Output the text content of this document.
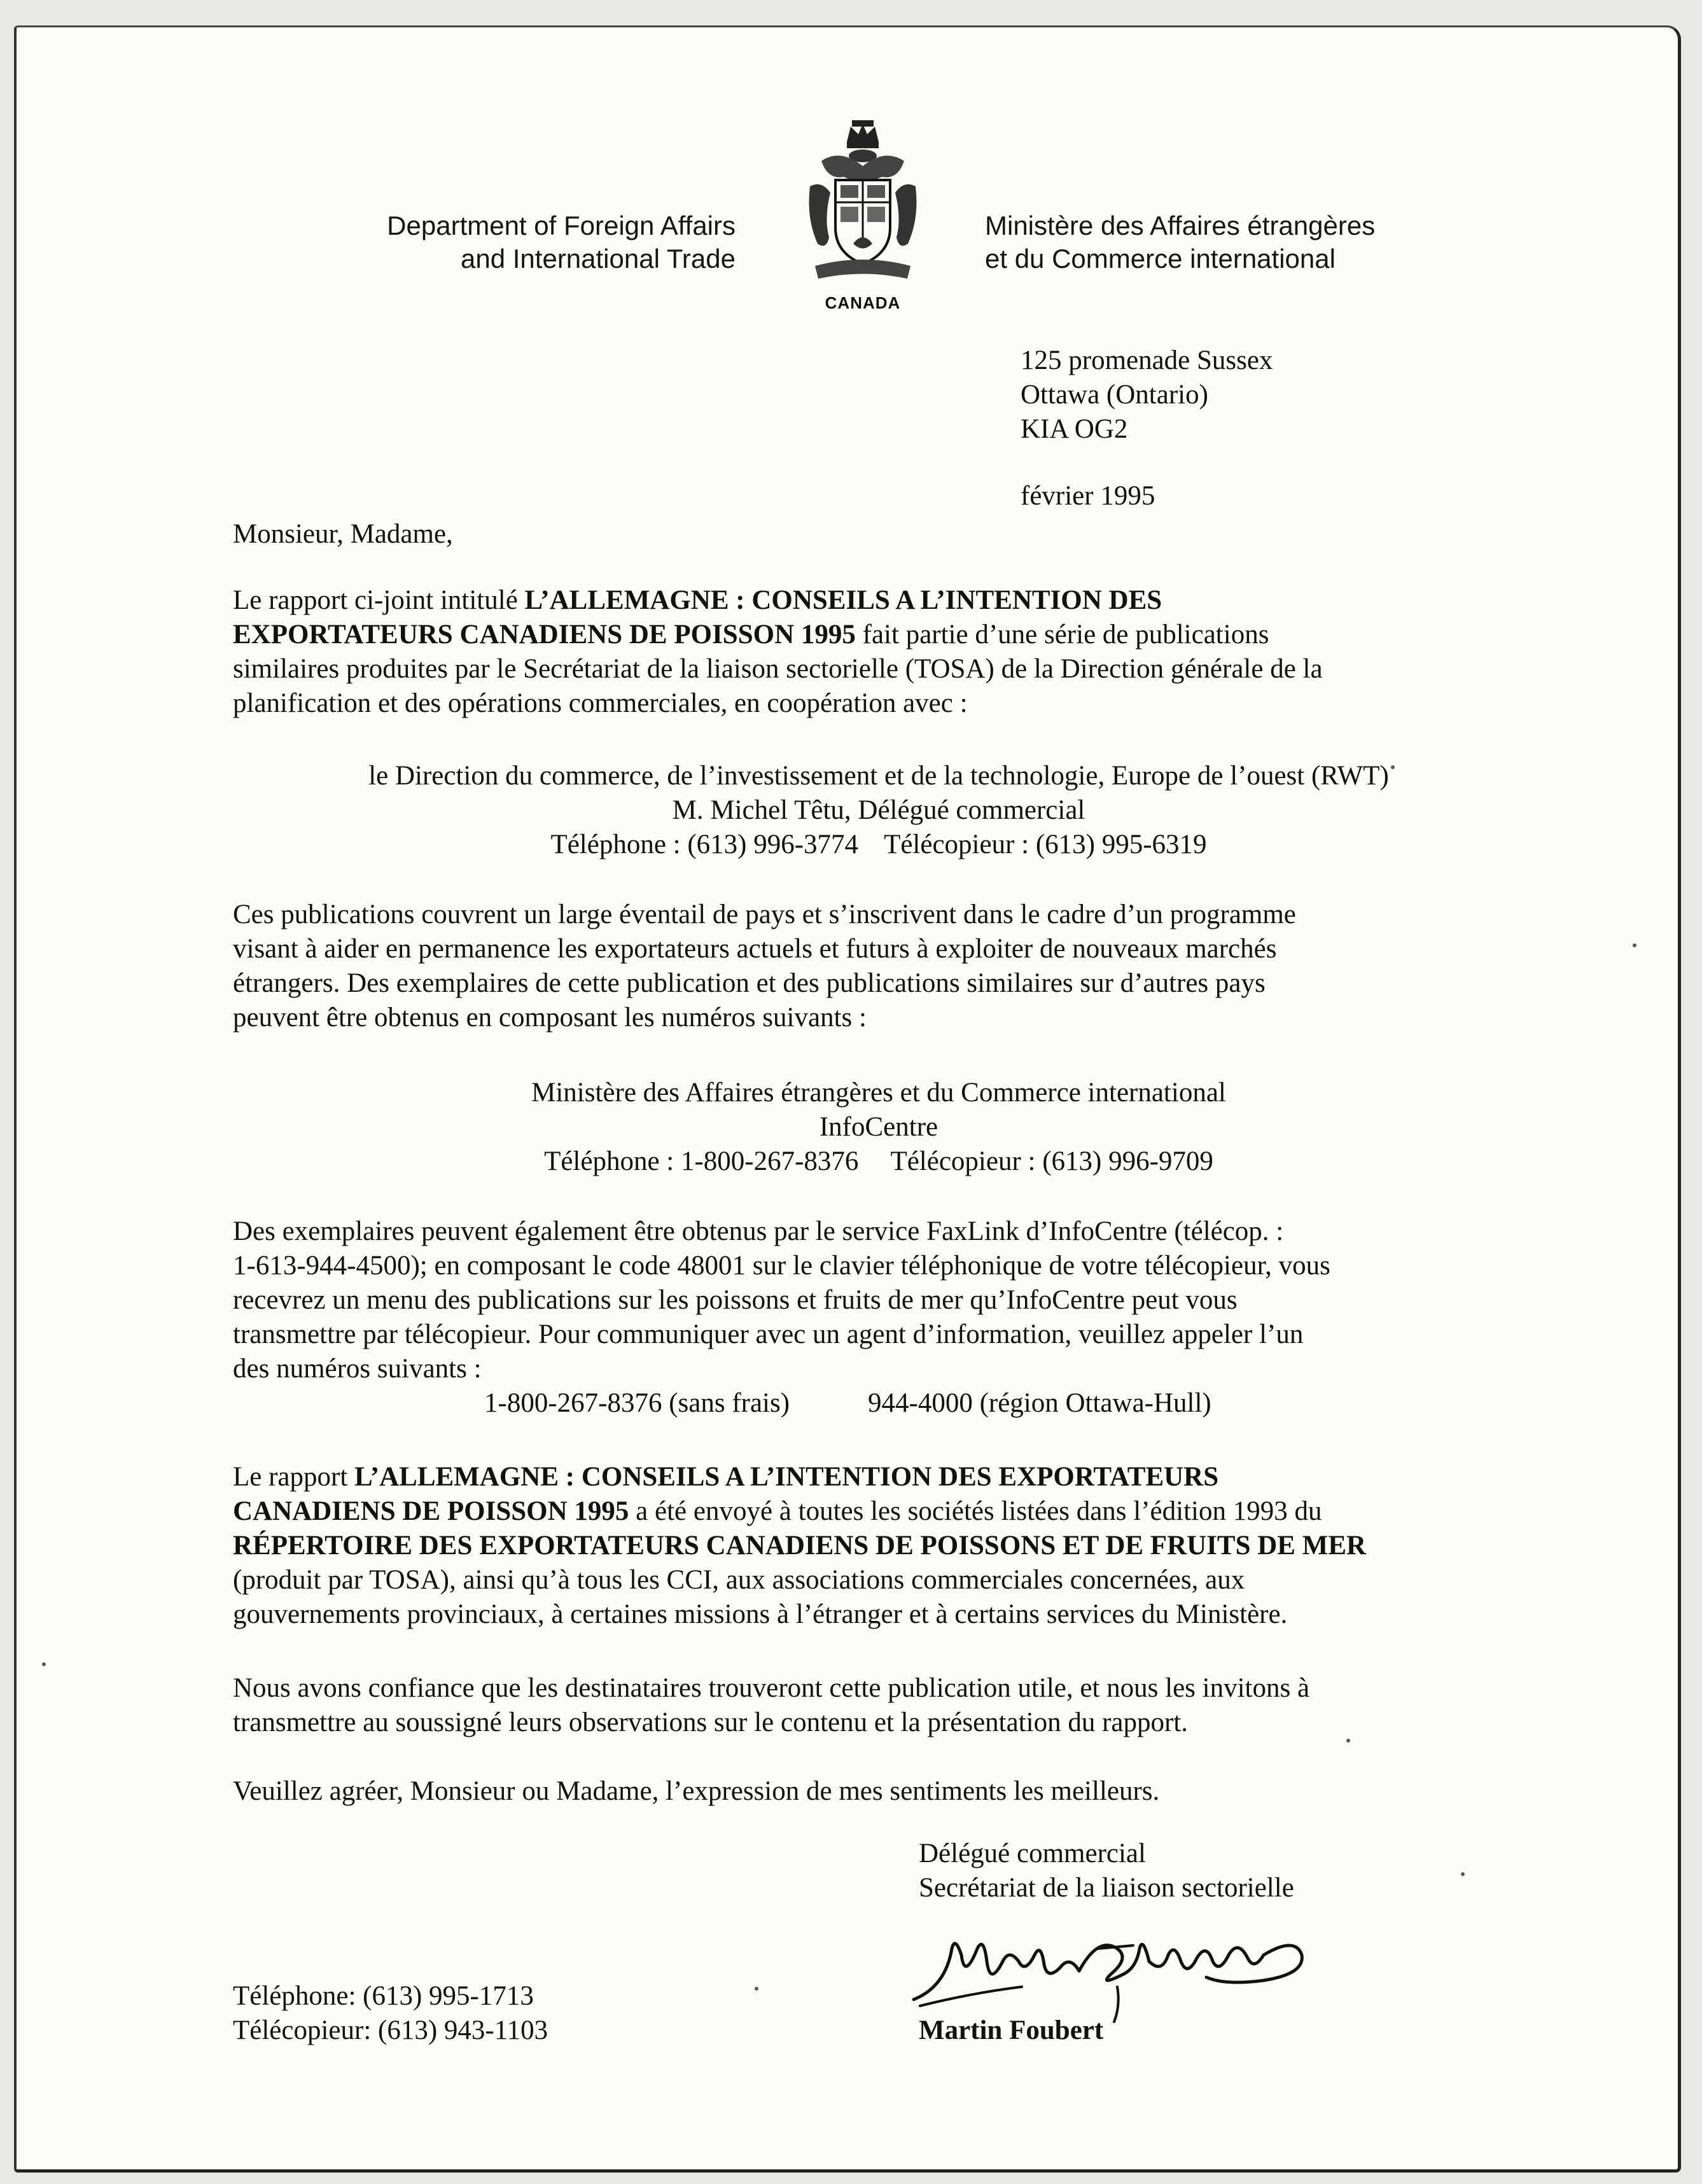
Department of Foreign Affairs
and International Trade
CANADA
Ministère des Affaires étrangères
et du Commerce international
125 promenade Sussex
Ottawa (Ontario)
KIA OG2
février 1995
Monsieur, Madame,

Le rapport ci-joint intitulé L’ALLEMAGNE : CONSEILS A L’INTENTION DES

EXPORTATEURS CANADIENS DE POISSON 1995 fait partie d’une série de publications

similaires produites par le Secrétariat de la liaison sectorielle (TOSA) de la Direction générale de la

planification et des opérations commerciales, en coopération avec :

le Direction du commerce, de l’investissement et de la technologie, Europe de l’ouest (RWT)

M. Michel Têtu, Délégué commercial

Téléphone : (613) 996-3774 Télécopieur : (613) 995-6319

Ces publications couvrent un large éventail de pays et s’inscrivent dans le cadre d’un programme

visant à aider en permanence les exportateurs actuels et futurs à exploiter de nouveaux marchés

étrangers. Des exemplaires de cette publication et des publications similaires sur d’autres pays

peuvent être obtenus en composant les numéros suivants :

Ministère des Affaires étrangères et du Commerce international

InfoCentre

Téléphone : 1-800-267-8376 Télécopieur : (613) 996-9709

Des exemplaires peuvent également être obtenus par le service FaxLink d’InfoCentre (télécop. :

1-613-944-4500); en composant le code 48001 sur le clavier téléphonique de votre télécopieur, vous

recevrez un menu des publications sur les poissons et fruits de mer qu’InfoCentre peut vous

transmettre par télécopieur. Pour communiquer avec un agent d’information, veuillez appeler l’un

des numéros suivants :

1-800-267-8376 (sans frais)	944-4000 (région Ottawa-Hull)

Le rapport L’ALLEMAGNE : CONSEILS A L’INTENTION DES EXPORTATEURS

CANADIENS DE POISSON 1995 a été envoyé à toutes les sociétés listées dans l’édition 1993 du

RÉPERTOIRE DES EXPORTATEURS CANADIENS DE POISSONS ET DE FRUITS DE MER

(produit par TOSA), ainsi qu’à tous les CCI, aux associations commerciales concernées, aux

gouvernements provinciaux, à certaines missions à l’étranger et à certains services du Ministère.

Nous avons confiance que les destinataires trouveront cette publication utile, et nous les invitons à

transmettre au soussigné leurs observations sur le contenu et la présentation du rapport.

Veuillez agréer, Monsieur ou Madame, l’expression de mes sentiments les meilleurs.
Délégué commercial
Secrétariat de la liaison sectorielle
Téléphone: (613) 995-1713
Télécopieur: (613) 943-1103	Martin Foubert
